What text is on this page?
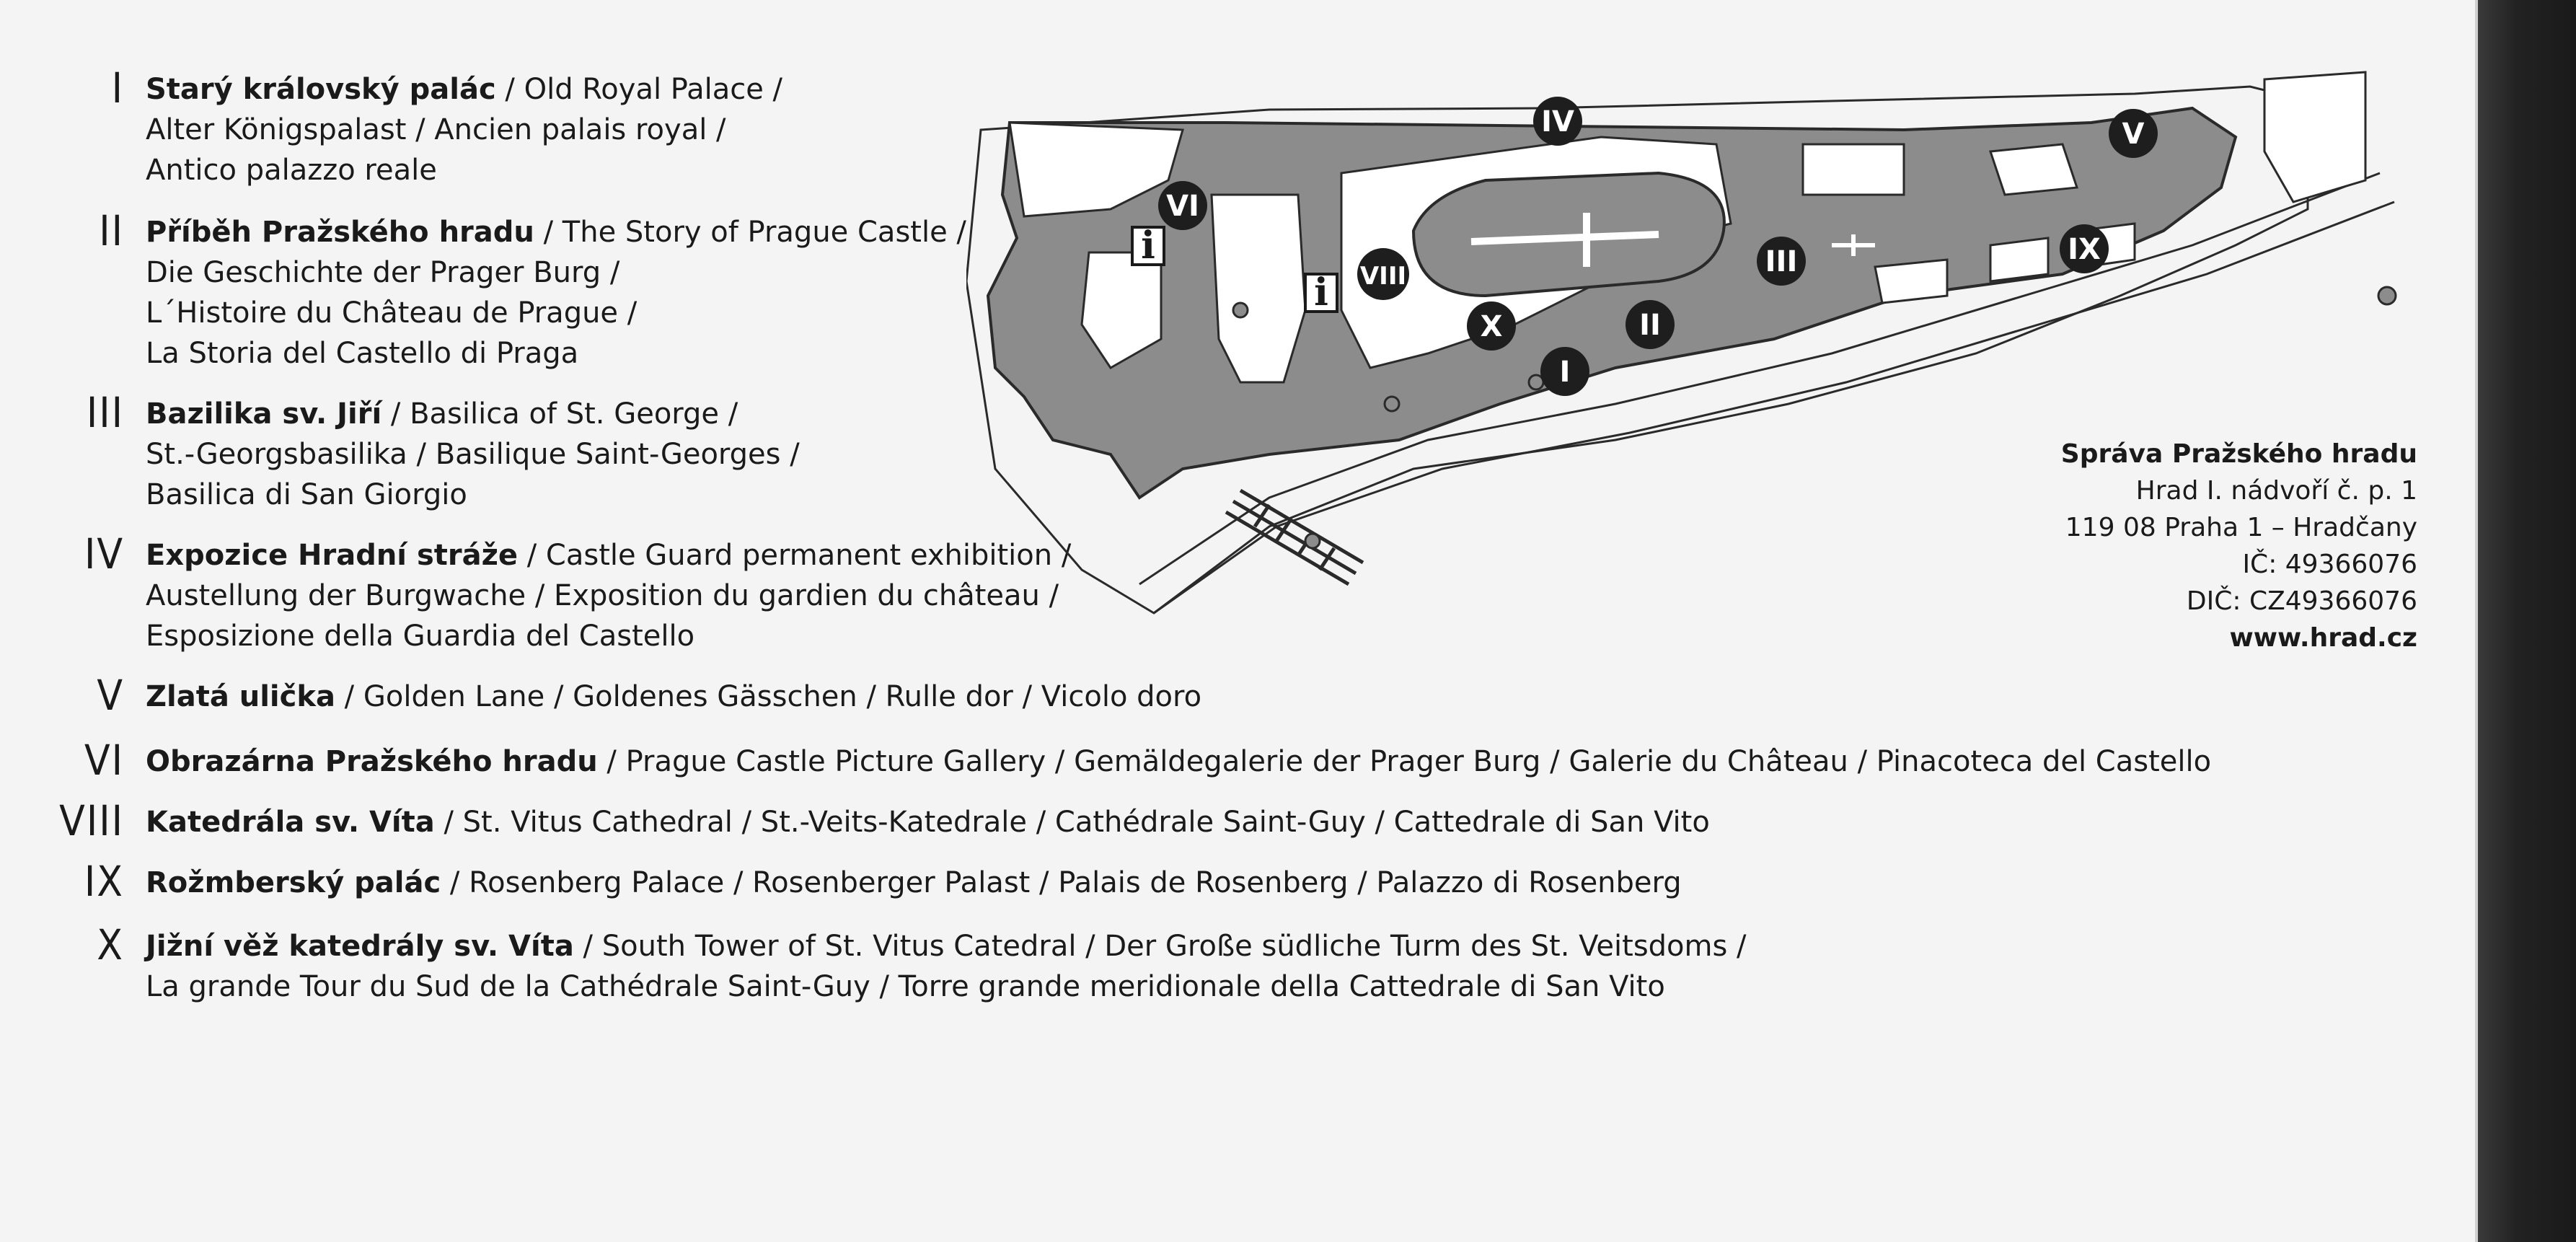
I Starý královský palác / Old Royal Palace /
Alter Königspalast / Ancien palais royal /
Antico palazzo reale
II Příběh Pražského hradu / The Story of Prague Castle /
Die Geschichte der Prager Burg /
L´Histoire du Château de Prague /
La Storia del Castello di Praga
III Bazilika sv. Jiří / Basilica of St. George /
St.-Georgsbasilika / Basilique Saint-Georges /
Basilica di San Giorgio
IV Expozice Hradní stráže / Castle Guard permanent exhibition /
Austellung der Burgwache / Exposition du gardien du château /
Esposizione della Guardia del Castello
V Zlatá ulička / Golden Lane / Goldenes Gässchen / Rulle dor / Vicolo doro
VI Obrazárna Pražského hradu / Prague Castle Picture Gallery / Gemäldegalerie der Prager Burg / Galerie du Château / Pinacoteca del Castello
VIII Katedrála sv. Víta / St. Vitus Cathedral / St.-Veits-Katedrale / Cathédrale Saint-Guy / Cattedrale di San Vito
IX Rožmberský palác / Rosenberg Palace / Rosenberger Palast / Palais de Rosenberg / Palazzo di Rosenberg
X Jižní věž katedrály sv. Víta / South Tower of St. Vitus Catedral / Der Große südliche Turm des St. Veitsdoms /
La grande Tour du Sud de la Cathédrale Saint-Guy / Torre grande meridionale della Cattedrale di San Vito
i
i
IV	V
VI
VIII	III	IX
II
X
I
Správa Pražského hradu
Hrad I. nádvoří č. p. 1
119 08 Praha 1 – Hradčany
IČ: 49366076
DIČ: CZ49366076
www.hrad.cz
